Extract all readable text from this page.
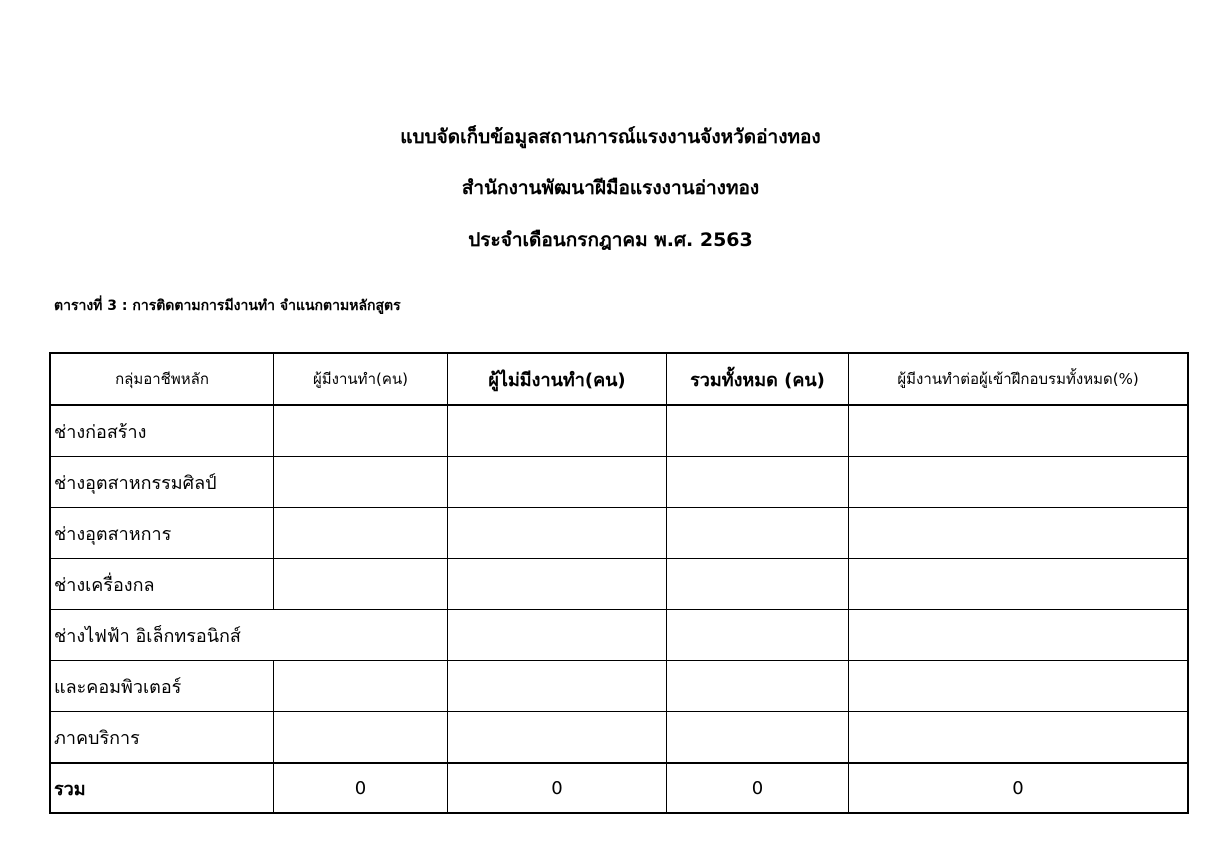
แบบจัดเก็บข้อมูลสถานการณ์แรงงานจังหวัดอ่างทอง
สำนักงานพัฒนาฝีมือแรงงานอ่างทอง
ประจำเดือนกรกฎาคม พ.ศ. 2563
ตารางที่ 3 : การติดตามการมีงานทำ จำแนกตามหลักสูตร
กลุ่มอาชีพหลัก	ผู้มีงานทำ(คน)	ผู้ไม่มีงานทำ(คน)	รวมทั้งหมด (คน)	ผู้มีงานทำต่อผู้เข้าฝึกอบรมทั้งหมด(%)
ช่างก่อสร้าง
ช่างอุตสาหกรรมศิลป์
ช่างอุตสาหการ
ช่างเครื่องกล
ช่างไฟฟ้า อิเล็กทรอนิกส์
และคอมพิวเตอร์
ภาคบริการ
รวม	0	0	0	0
